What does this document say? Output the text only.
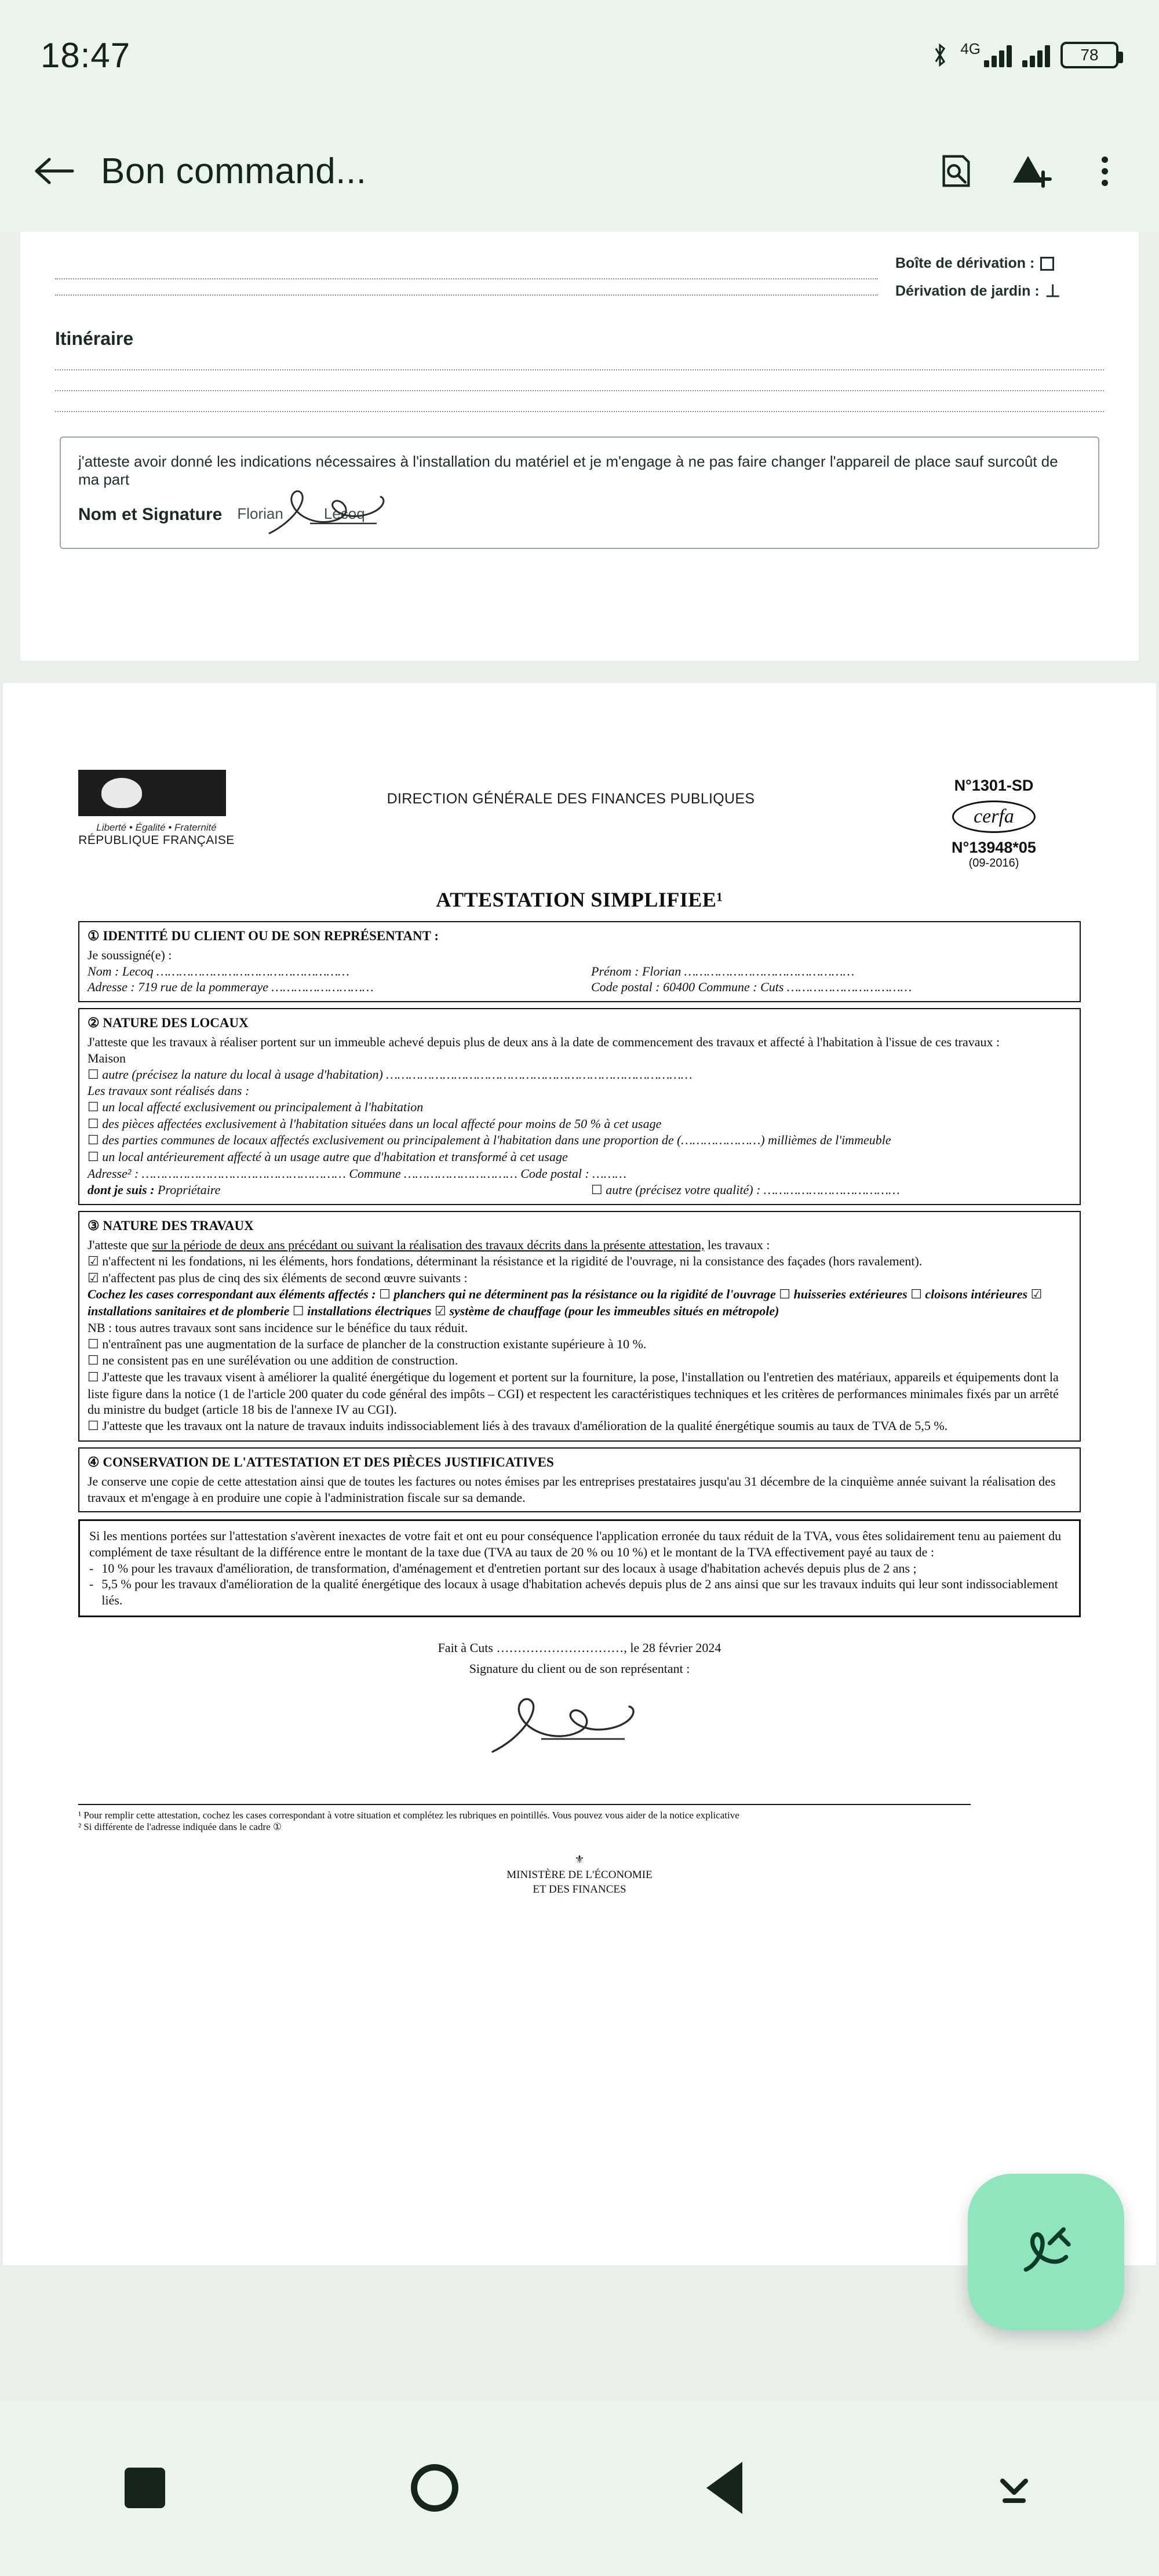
18:47	4G	78
Bon command...
Boîte de dérivation :
Dérivation de jardin : ⊥
Itinéraire
j'atteste avoir donné les indications nécessaires à l'installation du matériel et je m'engage à ne pas faire changer l'appareil de place sauf surcoût de ma part
Nom et Signature Florian	Lecoq
Liberté • Égalité • Fraternité
RÉPUBLIQUE FRANÇAISE
DIRECTION GÉNÉRALE DES FINANCES PUBLIQUES
N°1301-SD
cerfa
N°13948*05
(09-2016)
ATTESTATION SIMPLIFIEE¹
① IDENTITÉ DU CLIENT OU DE SON REPRÉSENTANT :
Je soussigné(e) :
Nom : Lecoq ……………………………………………	Prénom : Florian ………………………………………
Adresse : 719 rue de la pommeraye ………………………	Code postal : 60400 Commune : Cuts ……………………………
② NATURE DES LOCAUX
J'atteste que les travaux à réaliser portent sur un immeuble achevé depuis plus de deux ans à la date de commencement des travaux et affecté à l'habitation à l'issue de ces travaux :
Maison
☐ autre (précisez la nature du local à usage d'habitation) ………………………………………………………………………
Les travaux sont réalisés dans :
☐ un local affecté exclusivement ou principalement à l'habitation
☐ des pièces affectées exclusivement à l'habitation situées dans un local affecté pour moins de 50 % à cet usage
☐ des parties communes de locaux affectés exclusivement ou principalement à l'habitation dans une proportion de (…………………) millièmes de l'immeuble
☐ un local antérieurement affecté à un usage autre que d'habitation et transformé à cet usage
Adresse² : ……………………………………………… Commune ………………………… Code postal : ………
dont je suis : Propriétaire	☐ autre (précisez votre qualité) : ………………………………
③ NATURE DES TRAVAUX
J'atteste que sur la période de deux ans précédant ou suivant la réalisation des travaux décrits dans la présente attestation, les travaux :
☑ n'affectent ni les fondations, ni les éléments, hors fondations, déterminant la résistance et la rigidité de l'ouvrage, ni la consistance des façades (hors ravalement).
☑ n'affectent pas plus de cinq des six éléments de second œuvre suivants :
Cochez les cases correspondant aux éléments affectés : ☐ planchers qui ne déterminent pas la résistance ou la rigidité de l'ouvrage ☐ huisseries extérieures ☐ cloisons intérieures ☑ installations sanitaires et de plomberie ☐ installations électriques ☑ système de chauffage (pour les immeubles situés en métropole)
NB : tous autres travaux sont sans incidence sur le bénéfice du taux réduit.
☐ n'entraînent pas une augmentation de la surface de plancher de la construction existante supérieure à 10 %.
☐ ne consistent pas en une surélévation ou une addition de construction.
☐ J'atteste que les travaux visent à améliorer la qualité énergétique du logement et portent sur la fourniture, la pose, l'installation ou l'entretien des matériaux, appareils et équipements dont la liste figure dans la notice (1 de l'article 200 quater du code général des impôts – CGI) et respectent les caractéristiques techniques et les critères de performances minimales fixés par un arrêté du ministre du budget (article 18 bis de l'annexe IV au CGI).
☐ J'atteste que les travaux ont la nature de travaux induits indissociablement liés à des travaux d'amélioration de la qualité énergétique soumis au taux de TVA de 5,5 %.
④ CONSERVATION DE L'ATTESTATION ET DES PIÈCES JUSTIFICATIVES
Je conserve une copie de cette attestation ainsi que de toutes les factures ou notes émises par les entreprises prestataires jusqu'au 31 décembre de la cinquième année suivant la réalisation des travaux et m'engage à en produire une copie à l'administration fiscale sur sa demande.
Si les mentions portées sur l'attestation s'avèrent inexactes de votre fait et ont eu pour conséquence l'application erronée du taux réduit de la TVA, vous êtes solidairement tenu au paiement du complément de taxe résultant de la différence entre le montant de la taxe due (TVA au taux de 20 % ou 10 %) et le montant de la TVA effectivement payé au taux de :
- 10 % pour les travaux d'amélioration, de transformation, d'aménagement et d'entretien portant sur des locaux à usage d'habitation achevés depuis plus de 2 ans ;
- 5,5 % pour les travaux d'amélioration de la qualité énergétique des locaux à usage d'habitation achevés depuis plus de 2 ans ainsi que sur les travaux induits qui leur sont indissociablement liés.
Fait à Cuts …………………………, le 28 février 2024
Signature du client ou de son représentant :
¹ Pour remplir cette attestation, cochez les cases correspondant à votre situation et complétez les rubriques en pointillés. Vous pouvez vous aider de la notice explicative
² Si différente de l'adresse indiquée dans le cadre ①
⚜
MINISTÈRE DE L'ÉCONOMIE
ET DES FINANCES
